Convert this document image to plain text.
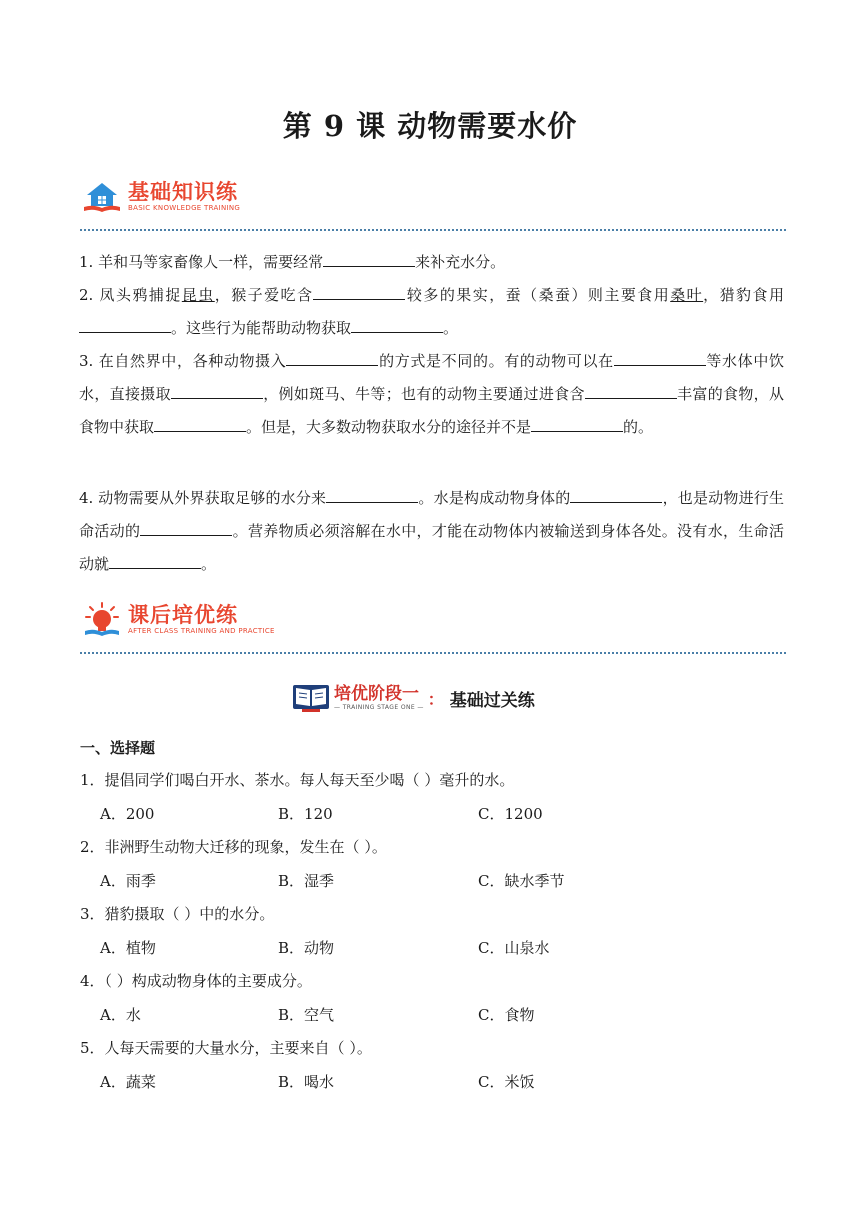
第 9 课 动物需要水价
基础知识练
BASIC KNOWLEDGE TRAINING
1. 羊和马等家畜像人一样，需要经常	来补充水分。
2. 凤头鸦捕捉昆虫，猴子爱吃含	较多的果实，蚕（桑蚕）则主要食用桑叶，猎豹食用。这些行为能帮助动物获取	。
3. 在自然界中，各种动物摄入	的方式是不同的。有的动物可以在	等水体中饮水，直接摄取	，例如斑马、牛等；也有的动物主要通过进食含	丰富的食物，从食物中获取	。但是，大多数动物获取水分的途径并不是	的。
4. 动物需要从外界获取足够的水分来	。水是构成动物身体的	，也是动物进行生命活动的	。营养物质必须溶解在水中，才能在动物体内被输送到身体各处。没有水，生命活动就	。
课后培优练
AFTER CLASS TRAINING AND PRACTICE
培优阶段一
— TRAINING STAGE ONE — ： 基础过关练
一、选择题
1．提倡同学们喝白开水、茶水。每人每天至少喝（ ）毫升的水。
A．200	B．120	C．1200
2．非洲野生动物大迁移的现象，发生在（ ）。
A．雨季	B．湿季	C．缺水季节
3．猎豹摄取（ ）中的水分。
A．植物	B．动物	C．山泉水
4．（ ）构成动物身体的主要成分。
A．水	B．空气	C．食物
5．人每天需要的大量水分，主要来自（ ）。
A．蔬菜	B．喝水	C．米饭
